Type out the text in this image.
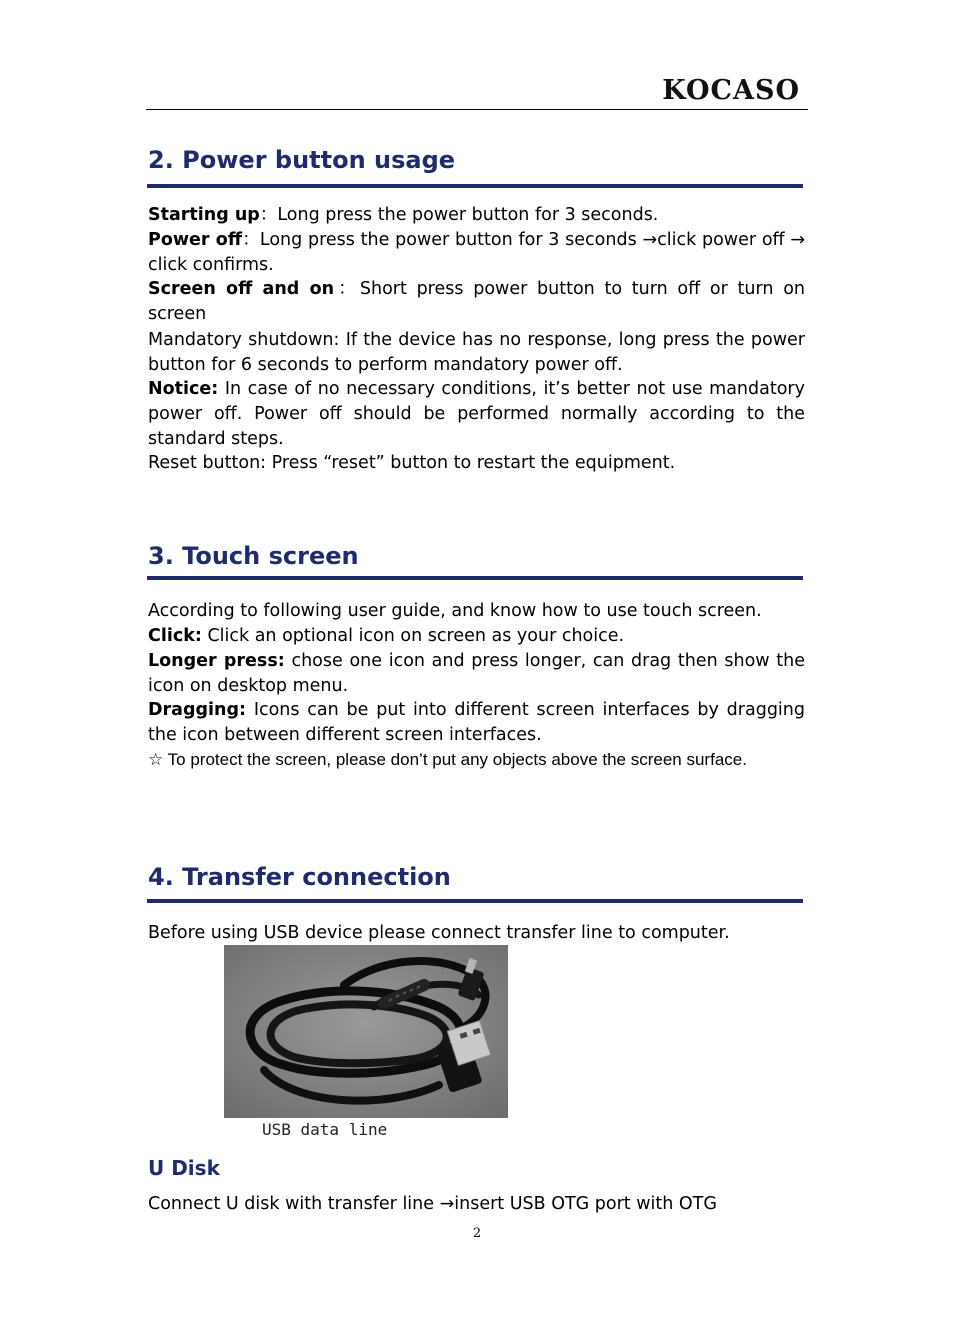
KOCASO
2. Power button usage

Starting up：Long press the power button for 3 seconds.

Power off：Long press the power button for 3 seconds →click power off → click confirms.

Screen off and on：Short press power button to turn off or turn on screen

Mandatory shutdown: If the device has no response, long press the power button for 6 seconds to perform mandatory power off.

Notice: In case of no necessary conditions, it’s better not use mandatory power off. Power off should be performed normally according to the standard steps.

Reset button: Press “reset” button to restart the equipment.

3. Touch screen

According to following user guide, and know how to use touch screen.

Click: Click an optional icon on screen as your choice.

Longer press: chose one icon and press longer, can drag then show the icon on desktop menu.

Dragging: Icons can be put into different screen interfaces by dragging the icon between different screen interfaces.

☆ To protect the screen, please don’t put any objects above the screen surface.

4. Transfer connection

Before using USB device please connect transfer line to computer.

USB data line
U Disk

Connect U disk with transfer line →insert USB OTG port with OTG

2
